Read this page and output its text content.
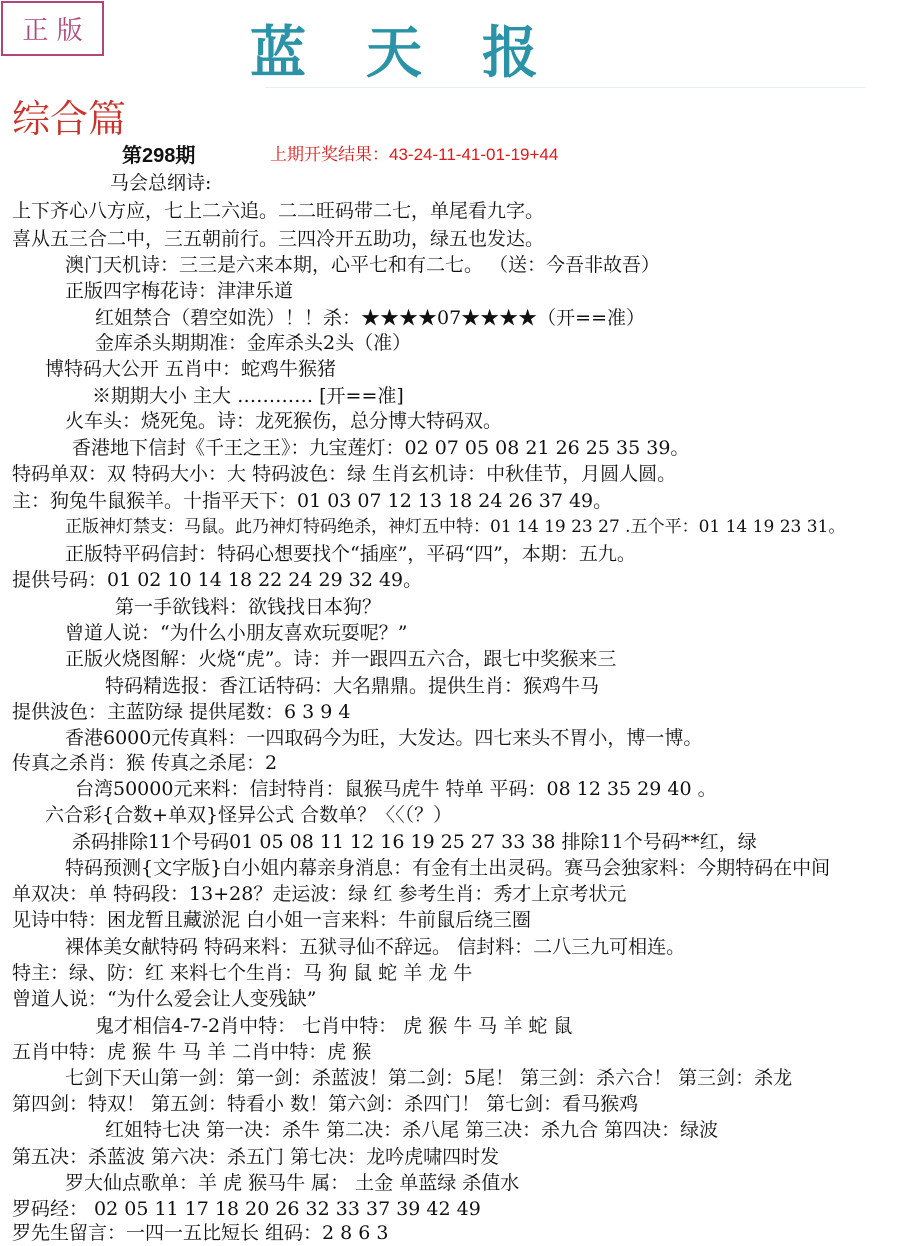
正 版	蓝天报
综合篇
第298期	上期开奖结果：43-24-11-41-01-19+44
马会总纲诗:
上下齐心八方应，七上二六追。二二旺码带二七，单尾看九字。
喜从五三合二中，三五朝前行。三四冷开五助功，绿五也发达。
澳门天机诗：三三是六来本期，心平七和有二七。 （送：今吾非故吾）
正版四字梅花诗：津津乐道
红姐禁合（碧空如洗）！！杀：★★★★07★★★★（开==准）
金库杀头期期准：金库杀头2头（准）
博特码大公开 五肖中：蛇鸡牛猴猪
※期期大小 主大 ………… [开==准]
火车头：烧死兔。诗：龙死猴伤，总分博大特码双。
香港地下信封《千王之王》：九宝莲灯：02 07 05 08 21 26 25 35 39。
特码单双：双 特码大小：大 特码波色：绿 生肖玄机诗：中秋佳节，月圆人圆。
主：狗兔牛鼠猴羊。十指平天下：01 03 07 12 13 18 24 26 37 49。
正版神灯禁支：马鼠。此乃神灯特码绝杀，神灯五中特：01 14 19 23 27 .五个平：01 14 19 23 31。
正版特平码信封：特码心想要找个“插座”，平码“四”，本期：五九。
提供号码：01 02 10 14 18 22 24 29 32 49。
第一手欲钱料：欲钱找日本狗？
曾道人说：“为什么小朋友喜欢玩耍呢？”
正版火烧图解：火烧“虎”。诗：并一跟四五六合，跟七中奖猴来三
特码精选报：香江话特码：大名鼎鼎。提供生肖：猴鸡牛马
提供波色：主蓝防绿 提供尾数：6 3 9 4
香港6000元传真料：一四取码今为旺，大发达。四七来头不胃小，博一博。
传真之杀肖：猴 传真之杀尾：2
台湾50000元来料：信封特肖：鼠猴马虎牛 特单 平码：08 12 35 29 40 。
六合彩{合数+单双}怪异公式 合数单？〈〈（？）
杀码排除11个号码01 05 08 11 12 16 19 25 27 33 38 排除11个号码**红，绿
特码预测{文字版}白小姐内幕亲身消息：有金有土出灵码。赛马会独家料：今期特码在中间
单双决：单 特码段：13+28？走运波：绿 红 参考生肖：秀才上京考状元
见诗中特：困龙暂且藏淤泥 白小姐一言来料：牛前鼠后绕三圈
裸体美女献特码 特码来料：五狱寻仙不辞远。 信封料：二八三九可相连。
特主：绿、防：红 来料七个生肖：马 狗 鼠 蛇 羊 龙 牛
曾道人说：“为什么爱会让人变残缺”
鬼才相信4-7-2肖中特： 七肖中特： 虎 猴 牛 马 羊 蛇 鼠
五肖中特：虎 猴 牛 马 羊 二肖中特：虎 猴
七剑下天山第一剑：第一剑：杀蓝波！第二剑：5尾！ 第三剑：杀六合！ 第三剑：杀龙
第四剑：特双！ 第五剑：特看小 数！第六剑：杀四门！ 第七剑：看马猴鸡
红姐特七决 第一决：杀牛 第二决：杀八尾 第三决：杀九合 第四决：绿波
第五决：杀蓝波 第六决：杀五门 第七决：龙吟虎啸四时发
罗大仙点歌单：羊 虎 猴马牛 属： 土金 单蓝绿 杀值水
罗码经： 02 05 11 17 18 20 26 32 33 37 39 42 49
罗先生留言：一四一五比短长 组码：2 8 6 3
